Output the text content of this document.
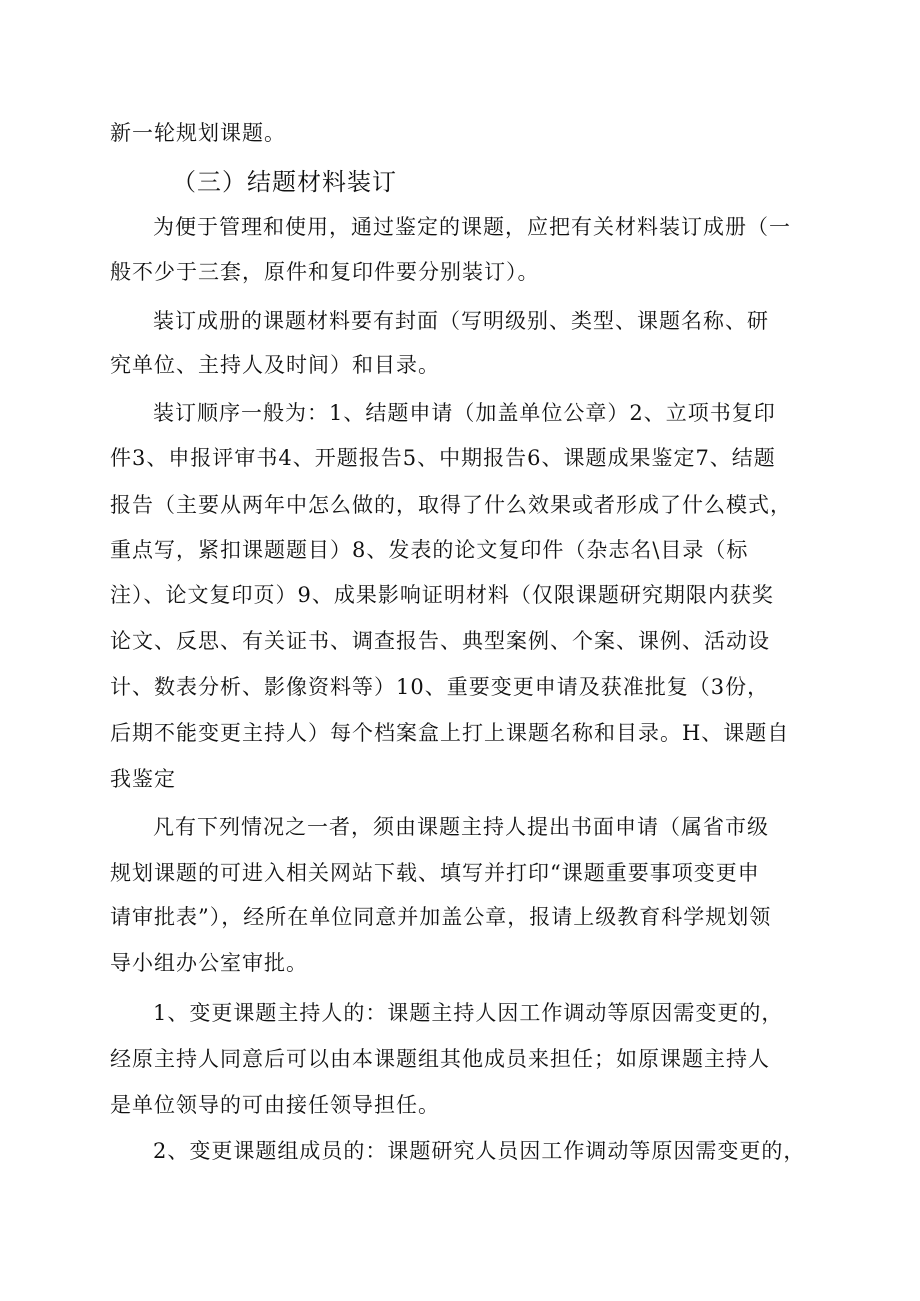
新一轮规划课题。
（三）结题材料装订
为便于管理和使用，通过鉴定的课题，应把有关材料装订成册（一
般不少于三套，原件和复印件要分别装订）。
装订成册的课题材料要有封面（写明级别、类型、课题名称、研
究单位、主持人及时间）和目录。
装订顺序一般为：1、结题申请（加盖单位公章）2、立项书复印
件3、申报评审书4、开题报告5、中期报告6、课题成果鉴定7、结题
报告（主要从两年中怎么做的，取得了什么效果或者形成了什么模式，
重点写，紧扣课题题目）8、发表的论文复印件（杂志名\目录（标
注）、论文复印页）9、成果影响证明材料（仅限课题研究期限内获奖
论文、反思、有关证书、调查报告、典型案例、个案、课例、活动设
计、数表分析、影像资料等）10、重要变更申请及获准批复（3份，
后期不能变更主持人）每个档案盒上打上课题名称和目录。H、课题自
我鉴定
凡有下列情况之一者，须由课题主持人提出书面申请（属省市级
规划课题的可进入相关网站下载、填写并打印“课题重要事项变更申
请审批表”），经所在单位同意并加盖公章，报请上级教育科学规划领
导小组办公室审批。
1、变更课题主持人的：课题主持人因工作调动等原因需变更的，
经原主持人同意后可以由本课题组其他成员来担任；如原课题主持人
是单位领导的可由接任领导担任。
2、变更课题组成员的：课题研究人员因工作调动等原因需变更的，
